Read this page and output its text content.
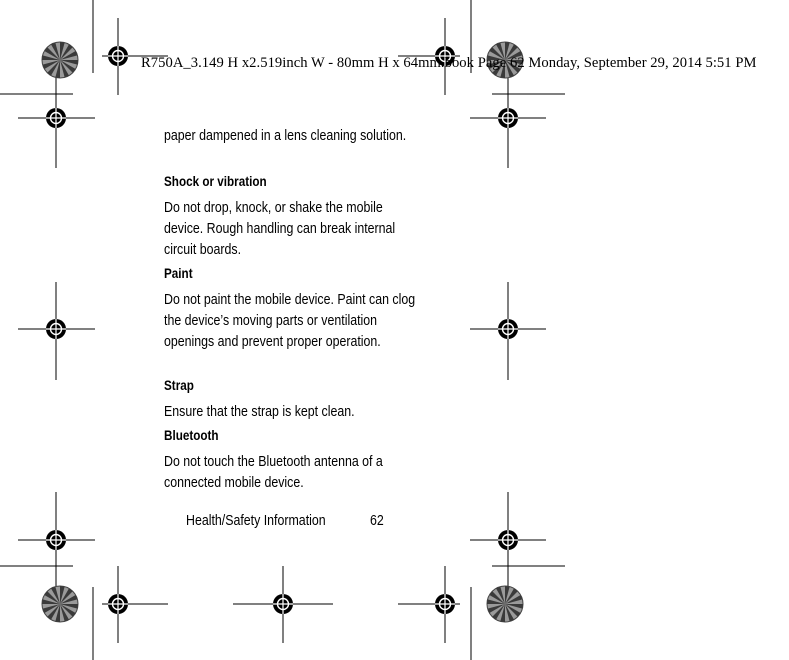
R750A_3.149 H x2.519inch W - 80mm H x 64mm.book Page 62 Monday, September 29, 2014 5:51 PM
paper dampened in a lens cleaning solution.
Shock or vibration
Do not drop, knock, or shake the mobile device. Rough handling can break internal circuit boards.
Paint
Do not paint the mobile device. Paint can clog the device’s moving parts or ventilation openings and prevent proper operation.
Strap
Ensure that the strap is kept clean.
Bluetooth
Do not touch the Bluetooth antenna of a connected mobile device.
Health/Safety Information	62
